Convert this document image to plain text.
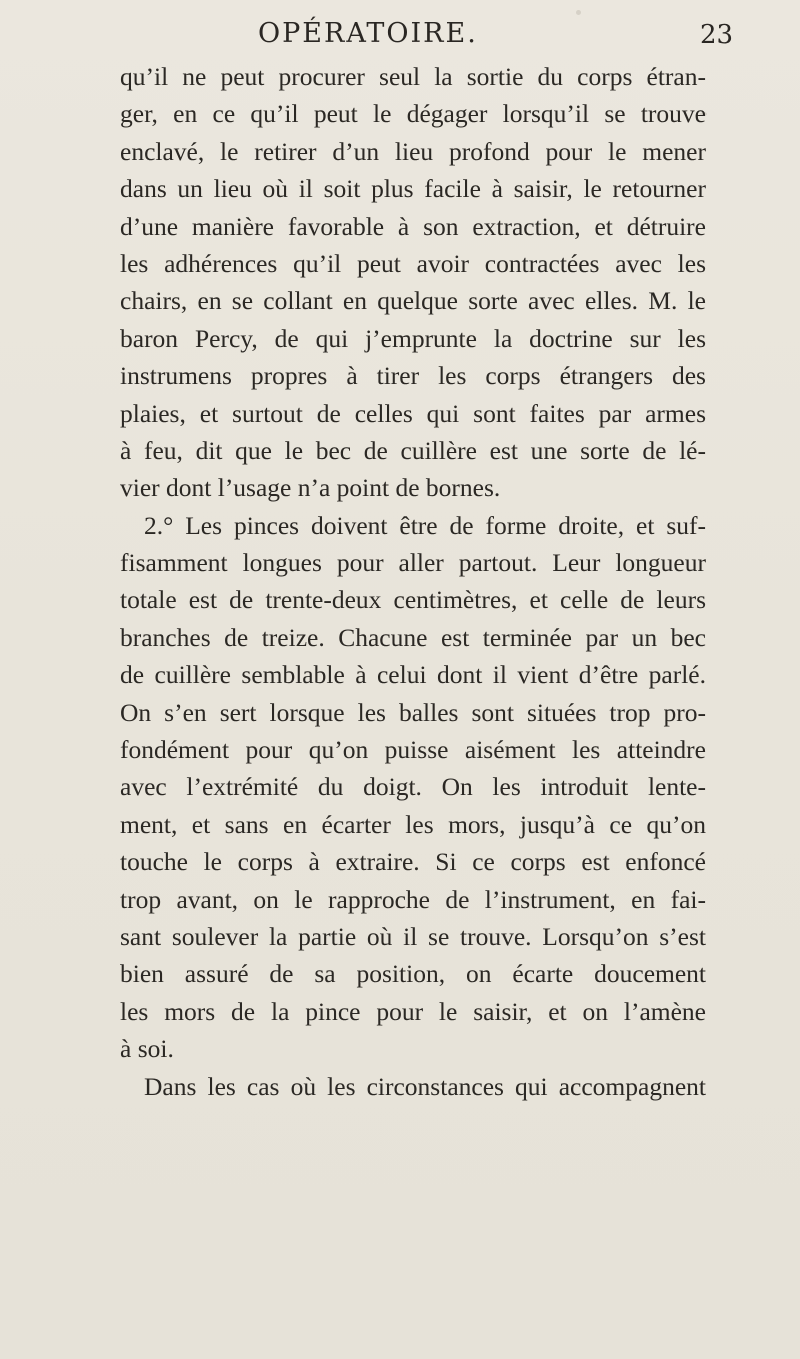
OPÉRATOIRE.	23
qu’il ne peut procurer seul la sortie du corps étran-
ger, en ce qu’il peut le dégager lorsqu’il se trouve
enclavé, le retirer d’un lieu profond pour le mener
dans un lieu où il soit plus facile à saisir, le retourner
d’une manière favorable à son extraction, et détruire
les adhérences qu’il peut avoir contractées avec les
chairs, en se collant en quelque sorte avec elles. M. le
baron Percy, de qui j’emprunte la doctrine sur les
instrumens propres à tirer les corps étrangers des
plaies, et surtout de celles qui sont faites par armes
à feu, dit que le bec de cuillère est une sorte de lé-
vier dont l’usage n’a point de bornes.
2.° Les pinces doivent être de forme droite, et suf-
fisamment longues pour aller partout. Leur longueur
totale est de trente-deux centimètres, et celle de leurs
branches de treize. Chacune est terminée par un bec
de cuillère semblable à celui dont il vient d’être parlé.
On s’en sert lorsque les balles sont situées trop pro-
fondément pour qu’on puisse aisément les atteindre
avec l’extrémité du doigt. On les introduit lente-
ment, et sans en écarter les mors, jusqu’à ce qu’on
touche le corps à extraire. Si ce corps est enfoncé
trop avant, on le rapproche de l’instrument, en fai-
sant soulever la partie où il se trouve. Lorsqu’on s’est
bien assuré de sa position, on écarte doucement
les mors de la pince pour le saisir, et on l’amène
à soi.
Dans les cas où les circonstances qui accompagnent
